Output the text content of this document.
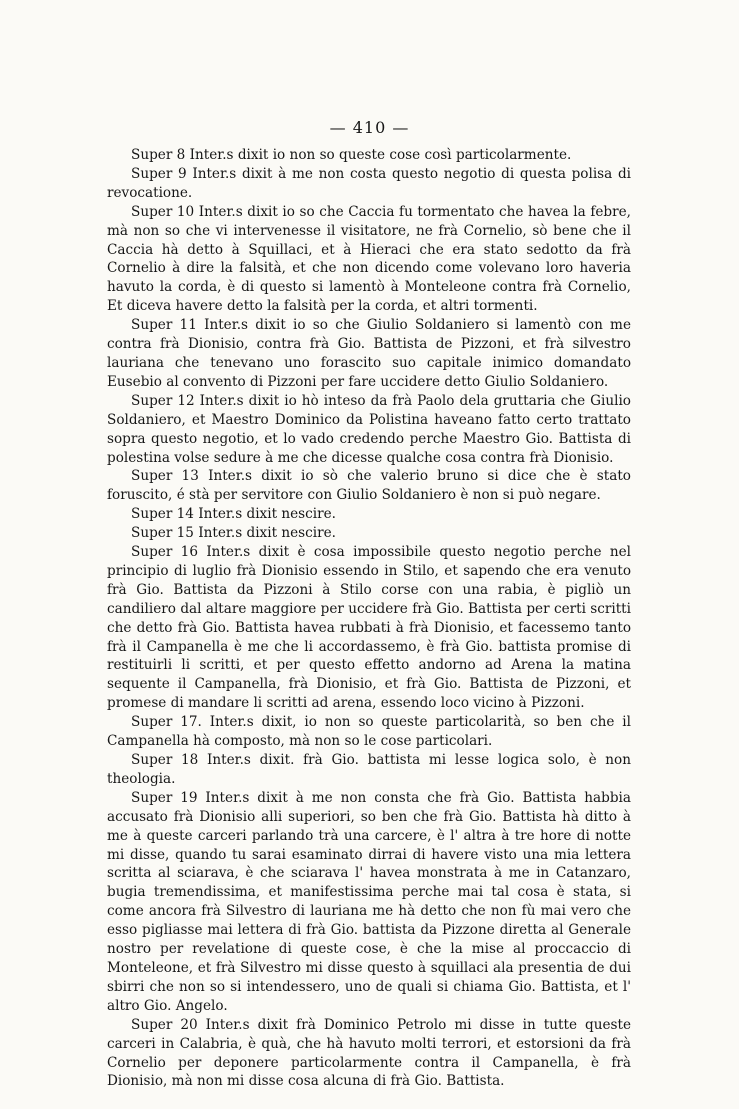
— 410 —

Super 8 Inter.s dixit io non so queste cose così particolarmente.

Super 9 Inter.s dixit à me non costa questo negotio di questa polisa di revocatione.

Super 10 Inter.s dixit io so che Caccia fu tormentato che havea la febre, mà non so che vi intervenesse il visitatore, ne frà Cornelio, sò bene che il Caccia hà detto à Squillaci, et à Hieraci che era stato sedotto da frà Cornelio à dire la falsità, et che non dicendo come volevano loro haveria havuto la corda, è di questo si lamentò à Monteleone contra frà Cornelio, Et diceva havere detto la falsità per la corda, et altri tormenti.

Super 11 Inter.s dixit io so che Giulio Soldaniero si lamentò con me contra frà Dionisio, contra frà Gio. Battista de Pizzoni, et frà silvestro lauriana che tenevano uno forascito suo capitale inimico domandato Eusebio al convento di Pizzoni per fare uccidere detto Giulio Soldaniero.

Super 12 Inter.s dixit io hò inteso da frà Paolo dela gruttaria che Giulio Soldaniero, et Maestro Dominico da Polistina haveano fatto certo trattato sopra questo negotio, et lo vado credendo perche Maestro Gio. Battista di polestina volse sedure à me che dicesse qualche cosa contra frà Dionisio.

Super 13 Inter.s dixit io sò che valerio bruno si dice che è stato foruscito, é stà per servitore con Giulio Soldaniero è non si può negare.

Super 14 Inter.s dixit nescire.

Super 15 Inter.s dixit nescire.

Super 16 Inter.s dixit è cosa impossibile questo negotio perche nel principio di luglio frà Dionisio essendo in Stilo, et sapendo che era venuto frà Gio. Battista da Pizzoni à Stilo corse con una rabia, è pigliò un candiliero dal altare maggiore per uccidere frà Gio. Battista per certi scritti che detto frà Gio. Battista havea rubbati à frà Dionisio, et facessemo tanto frà il Campanella è me che li accordassemo, è frà Gio. battista promise di restituirli li scritti, et per questo effetto andorno ad Arena la matina sequente il Campanella, frà Dionisio, et frà Gio. Battista de Pizzoni, et promese di mandare li scritti ad arena, essendo loco vicino à Pizzoni.

Super 17. Inter.s dixit, io non so queste particolarità, so ben che il Campanella hà composto, mà non so le cose particolari.

Super 18 Inter.s dixit. frà Gio. battista mi lesse logica solo, è non theologia.

Super 19 Inter.s dixit à me non consta che frà Gio. Battista habbia accusato frà Dionisio alli superiori, so ben che frà Gio. Battista hà ditto à me à queste carceri parlando trà una carcere, è l' altra à tre hore di notte mi disse, quando tu sarai esaminato dirrai di havere visto una mia lettera scritta al sciarava, è che sciarava l' havea monstrata à me in Catanzaro, bugia tremendissima, et manifestissima perche mai tal cosa è stata, si come ancora frà Silvestro di lauriana me hà detto che non fù mai vero che esso pigliasse mai lettera di frà Gio. battista da Pizzone diretta al Generale nostro per revelatione di queste cose, è che la mise al proccaccio di Monteleone, et frà Silvestro mi disse questo à squillaci ala presentia de dui sbirri che non so si intendessero, uno de quali si chiama Gio. Battista, et l' altro Gio. Angelo.

Super 20 Inter.s dixit frà Dominico Petrolo mi disse in tutte queste carceri in Calabria, è quà, che hà havuto molti terrori, et estorsioni da frà Cornelio per deponere particolarmente contra il Campanella, è frà Dionisio, mà non mi disse cosa alcuna di frà Gio. Battista.
